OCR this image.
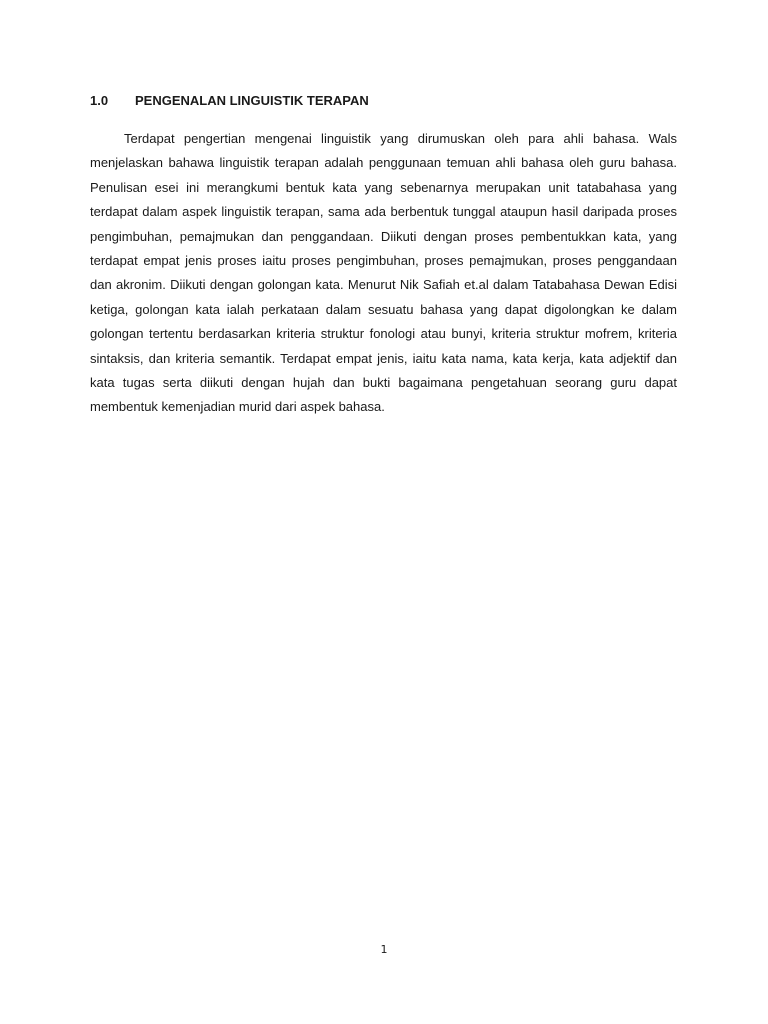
1.0 PENGENALAN LINGUISTIK TERAPAN

Terdapat pengertian mengenai linguistik yang dirumuskan oleh para ahli bahasa. Wals menjelaskan bahawa linguistik terapan adalah penggunaan temuan ahli bahasa oleh guru bahasa. Penulisan esei ini merangkumi bentuk kata yang sebenarnya merupakan unit tatabahasa yang terdapat dalam aspek linguistik terapan, sama ada berbentuk tunggal ataupun hasil daripada proses pengimbuhan, pemajmukan dan penggandaan. Diikuti dengan proses pembentukkan kata, yang terdapat empat jenis proses iaitu proses pengimbuhan, proses pemajmukan, proses penggandaan dan akronim. Diikuti dengan golongan kata. Menurut Nik Safiah et.al dalam Tatabahasa Dewan Edisi ketiga, golongan kata ialah perkataan dalam sesuatu bahasa yang dapat digolongkan ke dalam golongan tertentu berdasarkan kriteria struktur fonologi atau bunyi, kriteria struktur mofrem, kriteria sintaksis, dan kriteria semantik. Terdapat empat jenis, iaitu kata nama, kata kerja, kata adjektif dan kata tugas serta diikuti dengan hujah dan bukti bagaimana pengetahuan seorang guru dapat membentuk kemenjadian murid dari aspek bahasa.

1
